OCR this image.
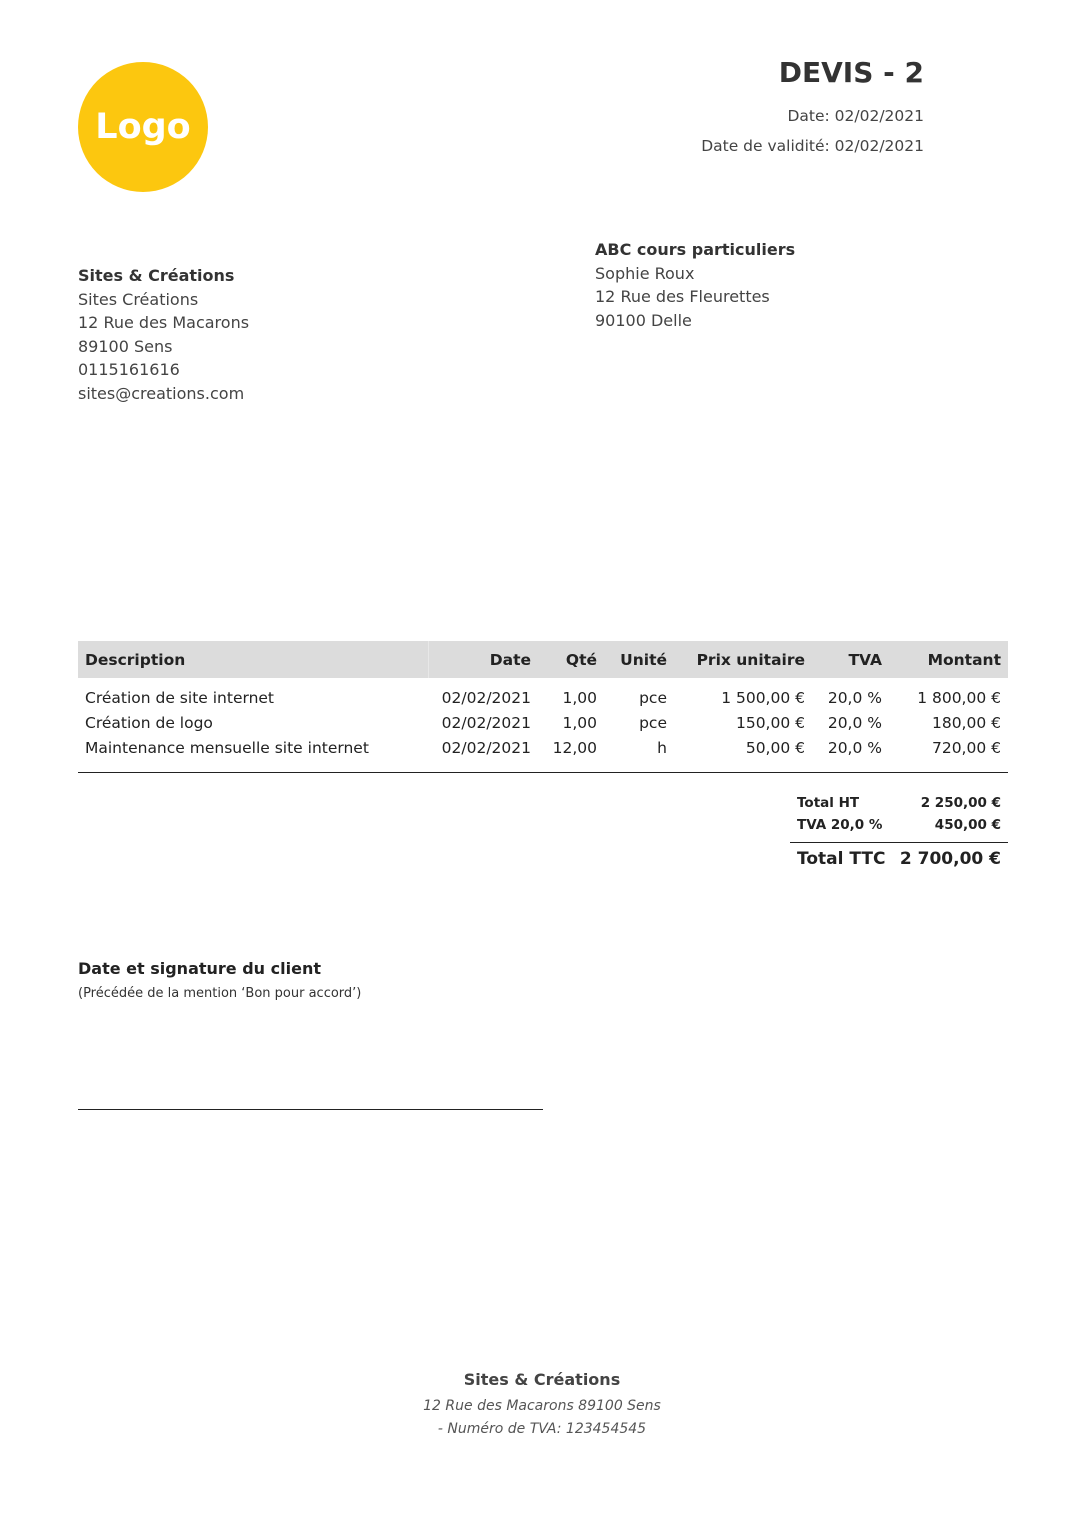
Logo
DEVIS - 2
Date: 02/02/2021
Date de validité: 02/02/2021
Sites & Créations
Sites Créations
12 Rue des Macarons
89100 Sens
0115161616
sites@creations.com
ABC cours particuliers
Sophie Roux
12 Rue des Fleurettes
90100 Delle
Description	Date	Qté	Unité	Prix unitaire	TVA	Montant
Création de site internet	02/02/2021	1,00	pce	1 500,00 €	20,0 %	1 800,00 €
Création de logo	02/02/2021	1,00	pce	150,00 €	20,0 %	180,00 €
Maintenance mensuelle site internet	02/02/2021	12,00	h	50,00 €	20,0 %	720,00 €
Total HT	2 250,00 €
TVA 20,0 %	450,00 €
Total TTC 2 700,00 €
Date et signature du client
(Précédée de la mention ‘Bon pour accord’)
Sites & Créations
12 Rue des Macarons 89100 Sens
- Numéro de TVA: 123454545
